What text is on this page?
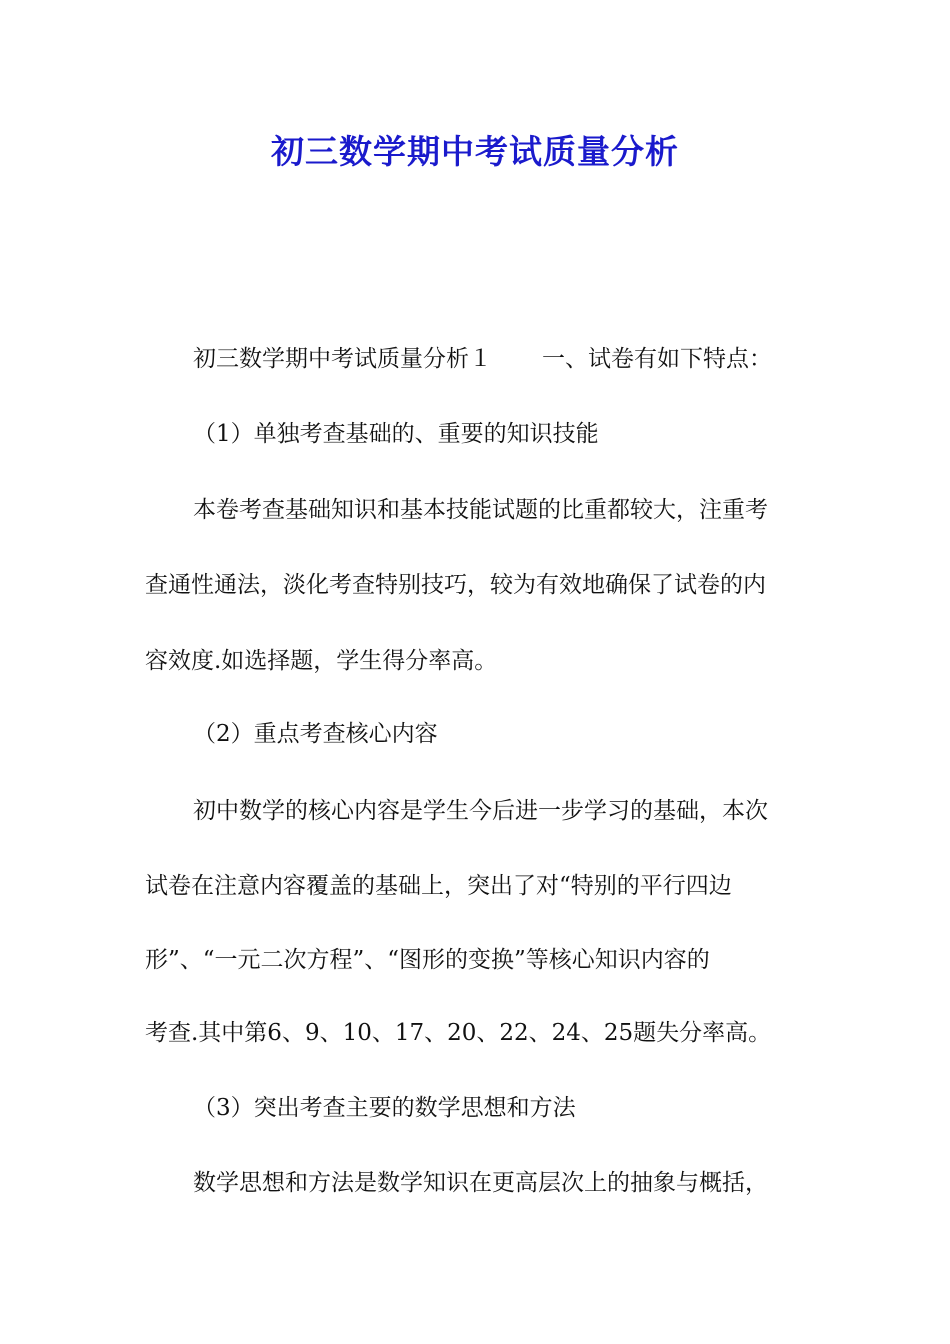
初三数学期中考试质量分析
初三数学期中考试质量分析１ 一、试卷有如下特点：
（1）单独考查基础的、重要的知识技能
本卷考查基础知识和基本技能试题的比重都较大，注重考
查通性通法，淡化考查特别技巧，较为有效地确保了试卷的内
容效度.如选择题，学生得分率高。
（2）重点考查核心内容
初中数学的核心内容是学生今后进一步学习的基础，本次
试卷在注意内容覆盖的基础上，突出了对“特别的平行四边
形”、“一元二次方程”、“图形的变换”等核心知识内容的
考查.其中第6、9、10、17、20、22、24、25题失分率高。
（3）突出考查主要的数学思想和方法
数学思想和方法是数学知识在更高层次上的抽象与概括，
